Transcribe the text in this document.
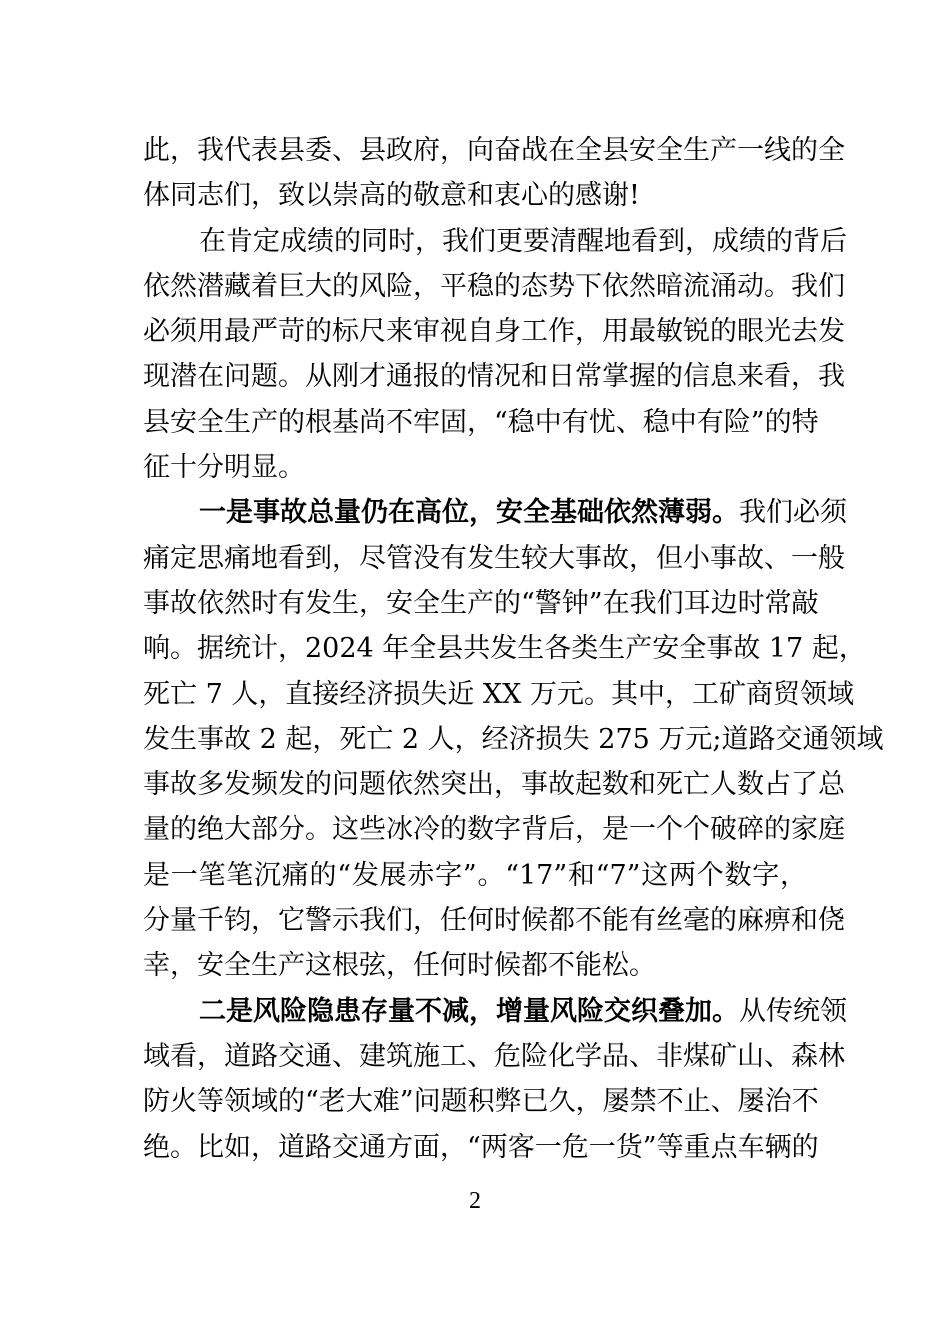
此，我代表县委、县政府，向奋战在全县安全生产一线的全
体同志们，致以崇高的敬意和衷心的感谢!
在肯定成绩的同时，我们更要清醒地看到，成绩的背后
依然潜藏着巨大的风险，平稳的态势下依然暗流涌动。我们
必须用最严苛的标尺来审视自身工作，用最敏锐的眼光去发
现潜在问题。从刚才通报的情况和日常掌握的信息来看，我
县安全生产的根基尚不牢固，“稳中有忧、稳中有险”的特
征十分明显。
一是事故总量仍在高位，安全基础依然薄弱。我们必须
痛定思痛地看到，尽管没有发生较大事故，但小事故、一般
事故依然时有发生，安全生产的“警钟”在我们耳边时常敲
响。据统计，2024 年全县共发生各类生产安全事故 17 起，
死亡 7 人，直接经济损失近 XX 万元。其中，工矿商贸领域
发生事故 2 起，死亡 2 人，经济损失 275 万元;道路交通领域
事故多发频发的问题依然突出，事故起数和死亡人数占了总
量的绝大部分。这些冰冷的数字背后，是一个个破碎的家庭
是一笔笔沉痛的“发展赤字”。“17”和“7”这两个数字，
分量千钧，它警示我们，任何时候都不能有丝毫的麻痹和侥
幸，安全生产这根弦，任何时候都不能松。
二是风险隐患存量不减，增量风险交织叠加。从传统领
域看，道路交通、建筑施工、危险化学品、非煤矿山、森林
防火等领域的“老大难”问题积弊已久，屡禁不止、屡治不
绝。比如，道路交通方面，“两客一危一货”等重点车辆的
2
